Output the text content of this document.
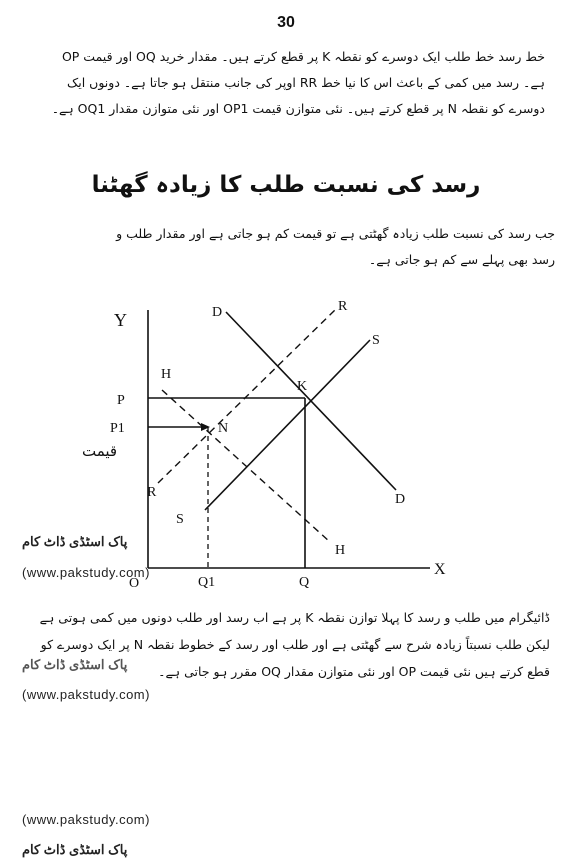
30
خط رسد خط طلب ایک دوسرے کو نقطہ K پر قطع کرتے ہیں۔ مقدار خرید OQ اور قیمت OP ہے۔ رسد میں کمی کے باعث اس کا نیا خط RR اوپر کی جانب منتقل ہو جاتا ہے۔ دونوں ایک دوسرے کو نقطہ N پر قطع کرتے ہیں۔ نئی متوازن قیمت OP1 اور نئی متوازن مقدار OQ1 ہے۔
رسد کی نسبت طلب کا زیادہ گھٹنا
جب رسد کی نسبت طلب زیادہ گھٹتی ہے تو قیمت کم ہو جاتی ہے اور مقدار طلب و رسد بھی پہلے سے کم ہو جاتی ہے۔
Y
X
O	Q1	Q
P
P1
قیمت
D
D
R
R
S
S
H
H
K
N
پاک اسٹڈی ڈاٹ کام
(www.pakstudy.com)
ڈائیگرام میں طلب و رسد کا پہلا توازن نقطہ K پر ہے اب رسد اور طلب دونوں میں کمی ہوتی ہے لیکن طلب نسبتاً زیادہ شرح سے گھٹتی ہے اور طلب اور رسد کے خطوط نقطہ N پر ایک دوسرے کو قطع کرتے ہیں نئی قیمت OP اور نئی متوازن مقدار OQ مقرر ہو جاتی ہے۔
پاک اسٹڈی ڈاٹ کام
(www.pakstudy.com)
(www.pakstudy.com)
پاک اسٹڈی ڈاٹ کام
